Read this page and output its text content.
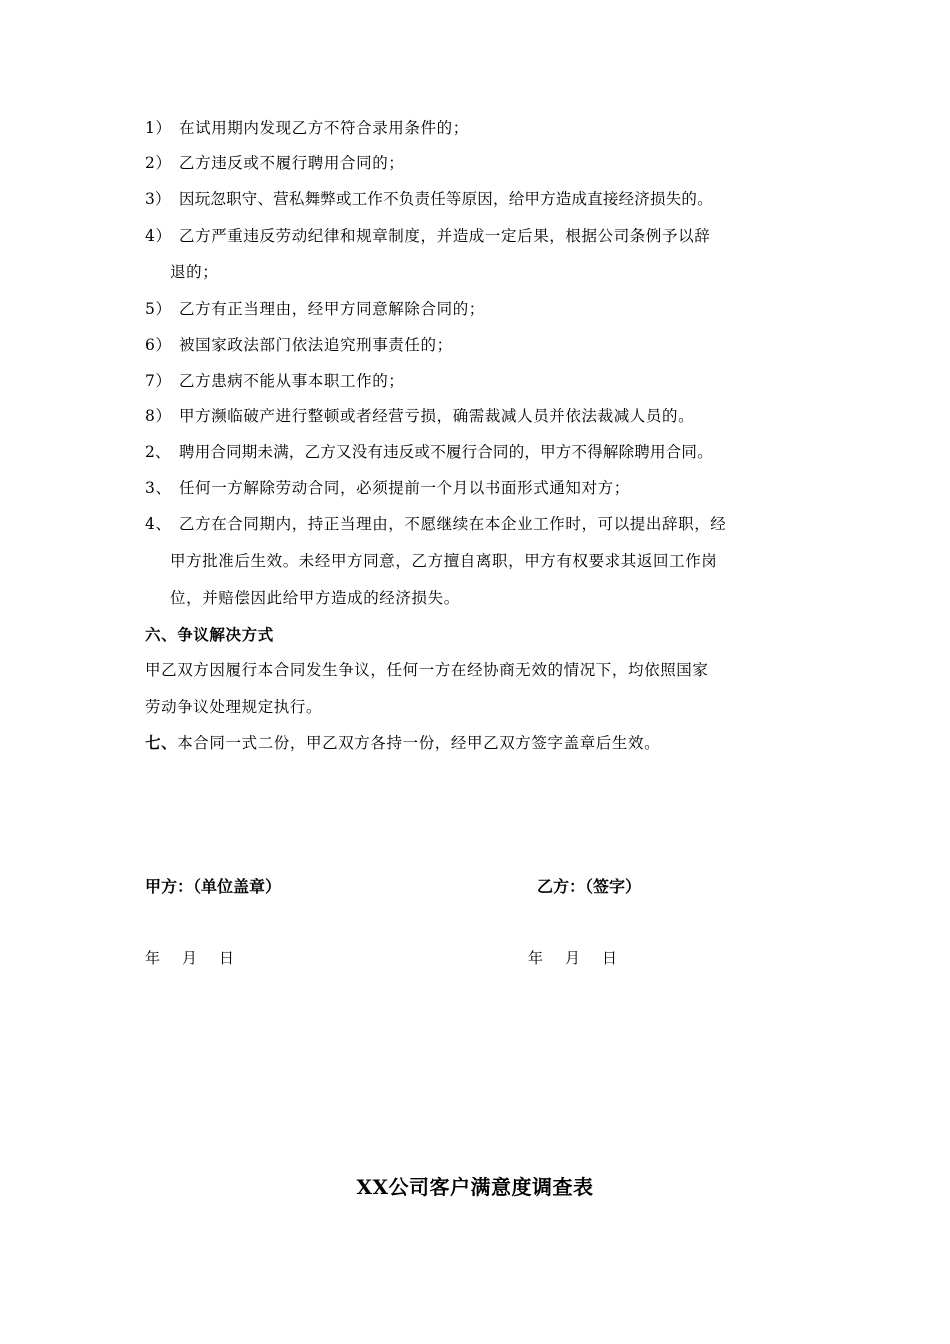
1） 在试用期内发现乙方不符合录用条件的；
2） 乙方违反或不履行聘用合同的；
3） 因玩忽职守、营私舞弊或工作不负责任等原因，给甲方造成直接经济损失的。
4） 乙方严重违反劳动纪律和规章制度，并造成一定后果，根据公司条例予以辞
退的；
5） 乙方有正当理由，经甲方同意解除合同的；
6） 被国家政法部门依法追究刑事责任的；
7） 乙方患病不能从事本职工作的；
8） 甲方濒临破产进行整顿或者经营亏损，确需裁减人员并依法裁减人员的。
2、 聘用合同期未满，乙方又没有违反或不履行合同的，甲方不得解除聘用合同。
3、 任何一方解除劳动合同，必须提前一个月以书面形式通知对方；
4、 乙方在合同期内，持正当理由，不愿继续在本企业工作时，可以提出辞职，经
甲方批准后生效。未经甲方同意，乙方擅自离职，甲方有权要求其返回工作岗
位，并赔偿因此给甲方造成的经济损失。
六、争议解决方式
甲乙双方因履行本合同发生争议，任何一方在经协商无效的情况下，均依照国家
劳动争议处理规定执行。
七、本合同一式二份，甲乙双方各持一份，经甲乙双方签字盖章后生效。
甲方：（单位盖章）	乙方：（签字）
年 月 日	年 月 日
XX公司客户满意度调查表
